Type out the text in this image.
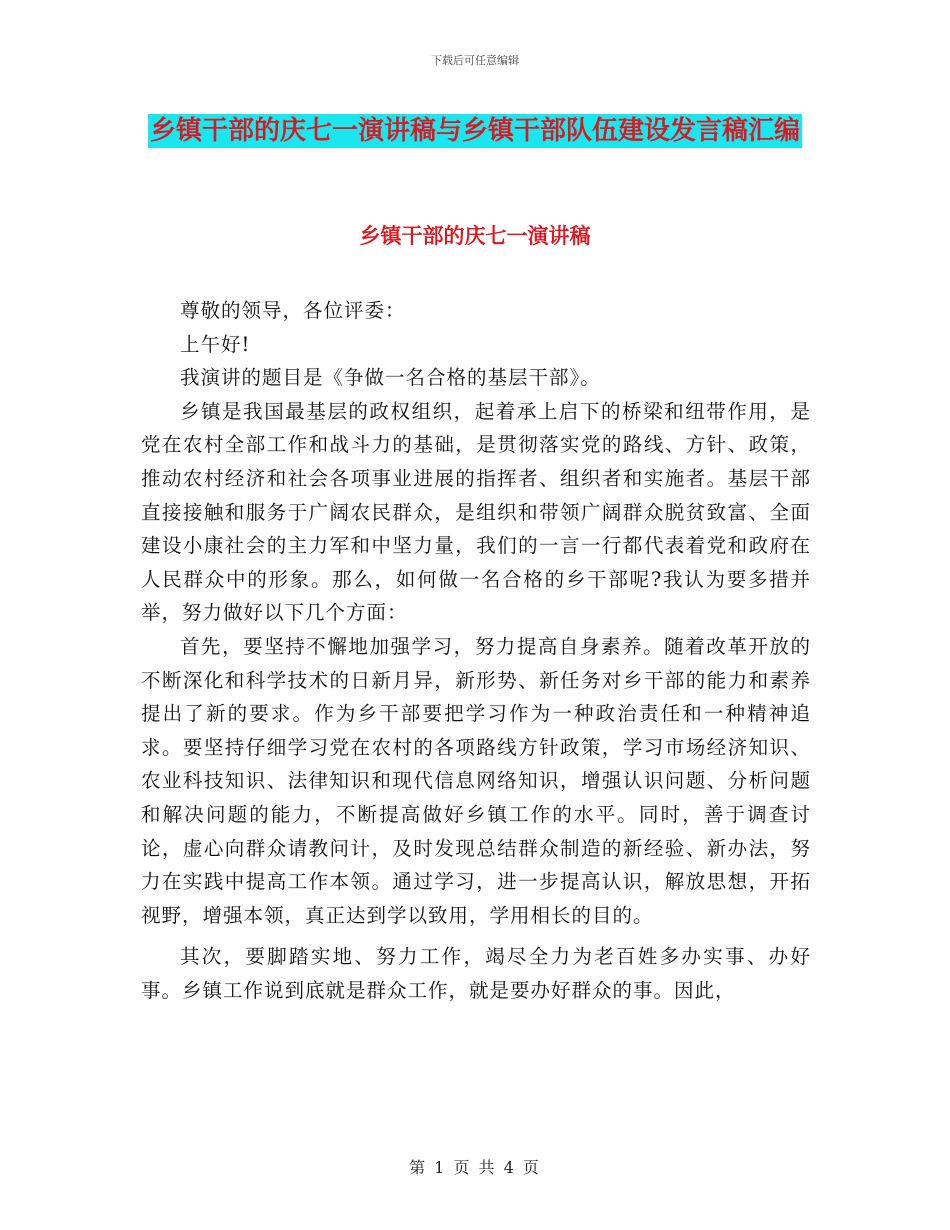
下载后可任意编辑
乡镇干部的庆七一演讲稿与乡镇干部队伍建设发言稿汇编
乡镇干部的庆七一演讲稿

尊敬的领导，各位评委：

上午好!

我演讲的题目是《争做一名合格的基层干部》。

乡镇是我国最基层的政权组织，起着承上启下的桥梁和纽带作用，是党在农村全部工作和战斗力的基础，是贯彻落实党的路线、方针、政策，推动农村经济和社会各项事业进展的指挥者、组织者和实施者。基层干部直接接触和服务于广阔农民群众，是组织和带领广阔群众脱贫致富、全面建设小康社会的主力军和中坚力量，我们的一言一行都代表着党和政府在人民群众中的形象。那么，如何做一名合格的乡干部呢?我认为要多措并举，努力做好以下几个方面：

首先，要坚持不懈地加强学习，努力提高自身素养。随着改革开放的不断深化和科学技术的日新月异，新形势、新任务对乡干部的能力和素养提出了新的要求。作为乡干部要把学习作为一种政治责任和一种精神追求。要坚持仔细学习党在农村的各项路线方针政策，学习市场经济知识、农业科技知识、法律知识和现代信息网络知识，增强认识问题、分析问题和解决问题的能力，不断提高做好乡镇工作的水平。同时，善于调查讨论，虚心向群众请教问计，及时发现总结群众制造的新经验、新办法，努力在实践中提高工作本领。通过学习，进一步提高认识，解放思想，开拓视野，增强本领，真正达到学以致用，学用相长的目的。

其次，要脚踏实地、努力工作，竭尽全力为老百姓多办实事、办好事。乡镇工作说到底就是群众工作，就是要办好群众的事。因此，

第 1 页 共 4 页
